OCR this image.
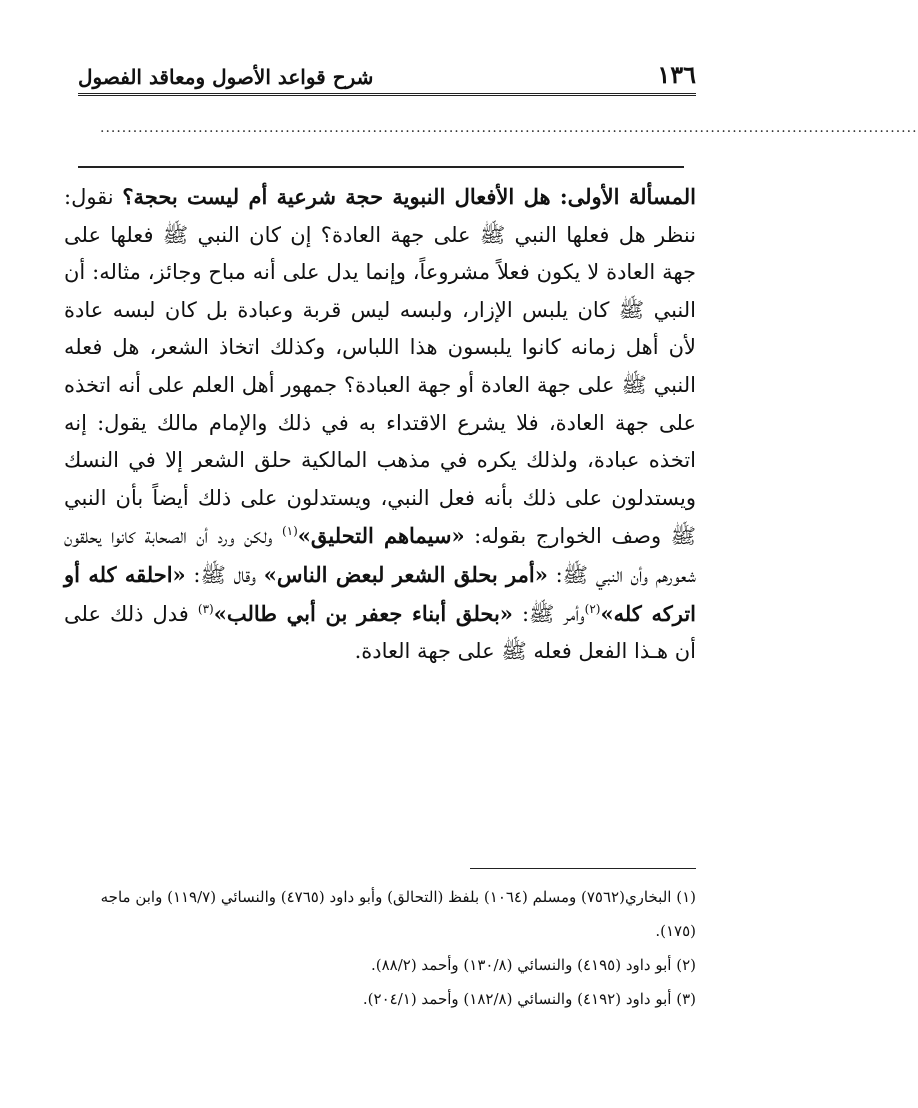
١٣٦
شرح قواعد الأصول ومعاقد الفصول
......................................................................................................................................................

المسألة الأولى: هل الأفعال النبوية حجة شرعية أم ليست بحجة؟ نقول: ننظر هل فعلها النبي ﷺ على جهة العادة؟ إن كان النبي ﷺ فعلها على جهة العادة لا يكون فعلاً مشروعاً، وإنما يدل على أنه مباح وجائز، مثاله: أن النبي ﷺ كان يلبس الإزار، ولبسه ليس قربة وعبادة بل كان لبسه عادة لأن أهل زمانه كانوا يلبسون هذا اللباس، وكذلك اتخاذ الشعر، هل فعله النبي ﷺ على جهة العادة أو جهة العبادة؟ جمهور أهل العلم على أنه اتخذه على جهة العادة، فلا يشرع الاقتداء به في ذلك والإمام مالك يقول: إنه اتخذه عبادة، ولذلك يكره في مذهب المالكية حلق الشعر إلا في النسك ويستدلون على ذلك بأنه فعل النبي، ويستدلون على ذلك أيضاً بأن النبي ﷺ وصف الخوارج بقوله: «سيماهم التحليق»$^{(١)}$ ولكن ورد أن الصحابة كانوا يحلقون شعورهم وأن النبي ﷺ: «أمر بحلق الشعر لبعض الناس» وقال ﷺ: «احلقه كله أو اتركه كله»$^{(٢)}$وأمر ﷺ: «بحلق أبناء جعفر بن أبي طالب»$^{(٣)}$ فدل ذلك على أن هـذا الفعل فعله ﷺ على جهة العادة.

(١) البخاري(٧٥٦٢) ومسلم (١٠٦٤) بلفظ (التحالق) وأبو داود (٤٧٦٥) والنسائي (١١٩/٧) وابن ماجه (١٧٥).

(٢) أبو داود (٤١٩٥) والنسائي (١٣٠/٨) وأحمد (٨٨/٢).

(٣) أبو داود (٤١٩٢) والنسائي (١٨٢/٨) وأحمد (٢٠٤/١).
